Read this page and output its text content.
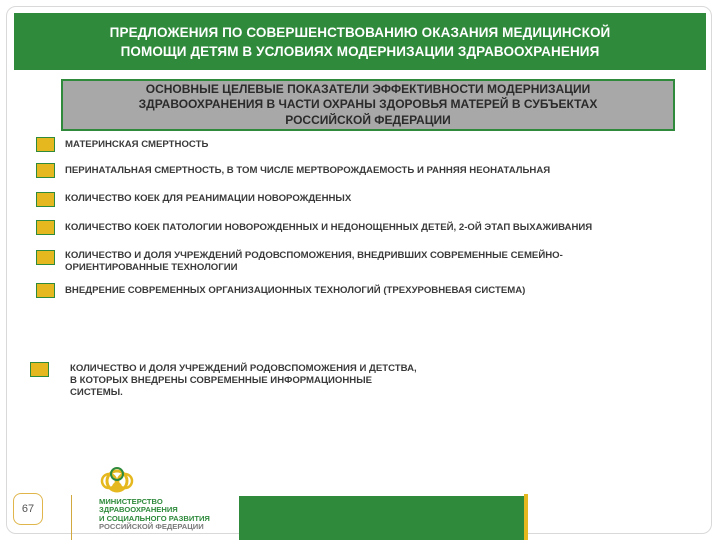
ПРЕДЛОЖЕНИЯ ПО СОВЕРШЕНСТВОВАНИЮ ОКАЗАНИЯ МЕДИЦИНСКОЙ
ПОМОЩИ ДЕТЯМ В УСЛОВИЯХ МОДЕРНИЗАЦИИ ЗДРАВООХРАНЕНИЯ
ОСНОВНЫЕ ЦЕЛЕВЫЕ ПОКАЗАТЕЛИ ЭФФЕКТИВНОСТИ МОДЕРНИЗАЦИИ
ЗДРАВООХРАНЕНИЯ В ЧАСТИ ОХРАНЫ ЗДОРОВЬЯ МАТЕРЕЙ В СУБЪЕКТАХ
РОССИЙСКОЙ ФЕДЕРАЦИИ
МАТЕРИНСКАЯ СМЕРТНОСТЬ
ПЕРИНАТАЛЬНАЯ СМЕРТНОСТЬ, В ТОМ ЧИСЛЕ МЕРТВОРОЖДАЕМОСТЬ И РАННЯЯ НЕОНАТАЛЬНАЯ
КОЛИЧЕСТВО КОЕК ДЛЯ РЕАНИМАЦИИ НОВОРОЖДЕННЫХ
КОЛИЧЕСТВО КОЕК ПАТОЛОГИИ НОВОРОЖДЕННЫХ И НЕДОНОЩЕННЫХ ДЕТЕЙ, 2-ОЙ ЭТАП ВЫХАЖИВАНИЯ
КОЛИЧЕСТВО И ДОЛЯ УЧРЕЖДЕНИЙ РОДОВСПОМОЖЕНИЯ, ВНЕДРИВШИХ СОВРЕМЕННЫЕ СЕМЕЙНО-
ОРИЕНТИРОВАННЫЕ ТЕХНОЛОГИИ
ВНЕДРЕНИЕ СОВРЕМЕННЫХ ОРГАНИЗАЦИОННЫХ ТЕХНОЛОГИЙ (ТРЕХУРОВНЕВАЯ СИСТЕМА)
КОЛИЧЕСТВО И ДОЛЯ УЧРЕЖДЕНИЙ РОДОВСПОМОЖЕНИЯ И ДЕТСТВА,
В КОТОРЫХ ВНЕДРЕНЫ СОВРЕМЕННЫЕ ИНФОРМАЦИОННЫЕ
СИСТЕМЫ.
67
МИНИСТЕРСТВО
ЗДРАВООХРАНЕНИЯ
И СОЦИАЛЬНОГО РАЗВИТИЯ
РОССИЙСКОЙ ФЕДЕРАЦИИ
